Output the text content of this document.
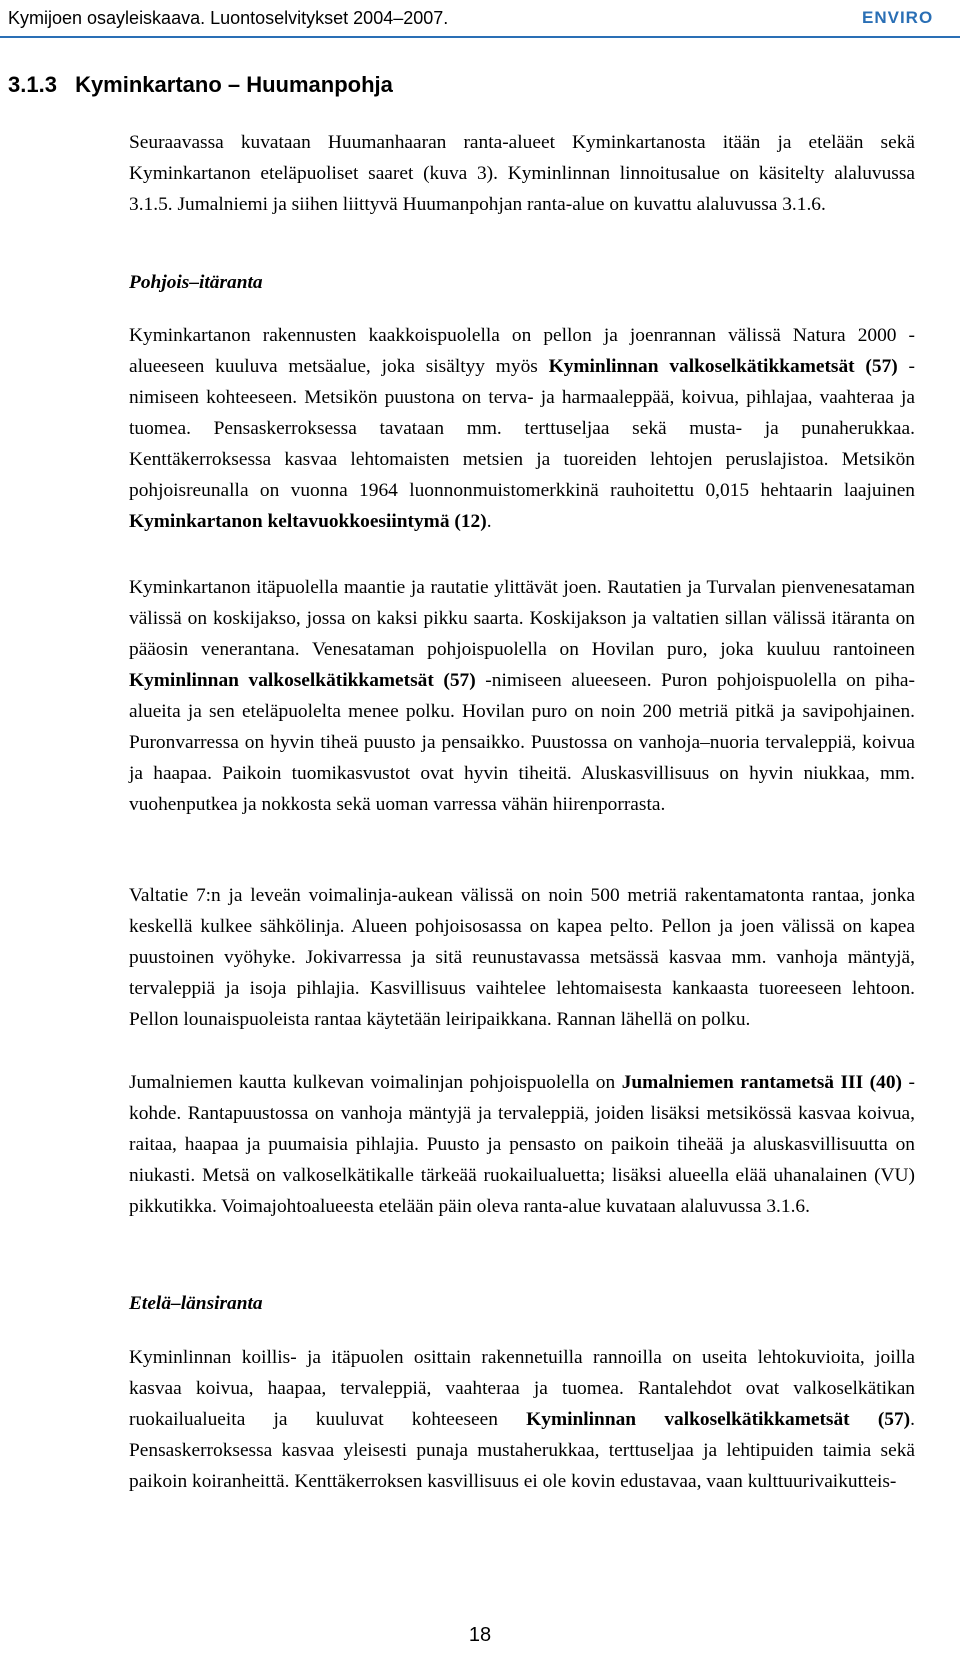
Kymijoen osayleiskaava. Luontoselvitykset 2004–2007.	ENVIRO
3.1.3 Kyminkartano – Huumanpohja

Seuraavassa kuvataan Huumanhaaran ranta-alueet Kyminkartanosta itään ja etelään sekä Kyminkartanon eteläpuoliset saaret (kuva 3). Kyminlinnan linnoitusalue on käsitelty alaluvussa 3.1.5. Jumalniemi ja siihen liittyvä Huumanpohjan ranta-alue on kuvattu alaluvussa 3.1.6.

Pohjois–itäranta

Kyminkartanon rakennusten kaakkoispuolella on pellon ja joenrannan välissä Natura 2000 -alueeseen kuuluva metsäalue, joka sisältyy myös Kyminlinnan valkoselkätikkametsät (57) -nimiseen kohteeseen. Metsikön puustona on terva- ja harmaaleppää, koivua, pihlajaa, vaahteraa ja tuomea. Pensaskerroksessa tavataan mm. terttuseljaa sekä musta- ja punaherukkaa. Kenttäkerroksessa kasvaa lehtomaisten metsien ja tuoreiden lehtojen peruslajistoa. Metsikön pohjoisreunalla on vuonna 1964 luonnonmuistomerkkinä rauhoitettu 0,015 hehtaarin laajuinen Kyminkartanon keltavuokkoesiintymä (12).

Kyminkartanon itäpuolella maantie ja rautatie ylittävät joen. Rautatien ja Turvalan pienvenesataman välissä on koskijakso, jossa on kaksi pikku saarta. Koskijakson ja valtatien sillan välissä itäranta on pääosin venerantana. Venesataman pohjoispuolella on Hovilan puro, joka kuuluu rantoineen Kyminlinnan valkoselkätikkametsät (57) -nimiseen alueeseen. Puron pohjoispuolella on piha-alueita ja sen eteläpuolelta menee polku. Hovilan puro on noin 200 metriä pitkä ja savipohjainen. Puronvarressa on hyvin tiheä puusto ja pensaikko. Puustossa on vanhoja–nuoria tervaleppiä, koivua ja haapaa. Paikoin tuomikasvustot ovat hyvin tiheitä. Aluskasvillisuus on hyvin niukkaa, mm. vuohenputkea ja nokkosta sekä uoman varressa vähän hiirenporrasta.

Valtatie 7:n ja leveän voimalinja-aukean välissä on noin 500 metriä rakentamatonta rantaa, jonka keskellä kulkee sähkölinja. Alueen pohjoisosassa on kapea pelto. Pellon ja joen välissä on kapea puustoinen vyöhyke. Jokivarressa ja sitä reunustavassa metsässä kasvaa mm. vanhoja mäntyjä, tervaleppiä ja isoja pihlajia. Kasvillisuus vaihtelee lehtomaisesta kankaasta tuoreeseen lehtoon. Pellon lounaispuoleista rantaa käytetään leiripaikkana. Rannan lähellä on polku.

Jumalniemen kautta kulkevan voimalinjan pohjoispuolella on Jumalniemen rantametsä III (40) -kohde. Rantapuustossa on vanhoja mäntyjä ja tervaleppiä, joiden lisäksi metsikössä kasvaa koivua, raitaa, haapaa ja puumaisia pihlajia. Puusto ja pensasto on paikoin tiheää ja aluskasvillisuutta on niukasti. Metsä on valkoselkätikalle tärkeää ruokailualuetta; lisäksi alueella elää uhanalainen (VU) pikkutikka. Voimajohtoalueesta etelään päin oleva ranta-alue kuvataan alaluvussa 3.1.6.

Etelä–länsiranta

Kyminlinnan koillis- ja itäpuolen osittain rakennetuilla rannoilla on useita lehtokuvioita, joilla kasvaa koivua, haapaa, tervaleppiä, vaahteraa ja tuomea. Rantalehdot ovat valkoselkätikan ruokailualueita ja kuuluvat kohteeseen Kyminlinnan valkoselkätikkametsät (57). Pensaskerroksessa kasvaa yleisesti punaja mustaherukkaa, terttuseljaa ja lehtipuiden taimia sekä paikoin koiranheittä. Kenttäkerroksen kasvillisuus ei ole kovin edustavaa, vaan kulttuurivaikutteis-

18
